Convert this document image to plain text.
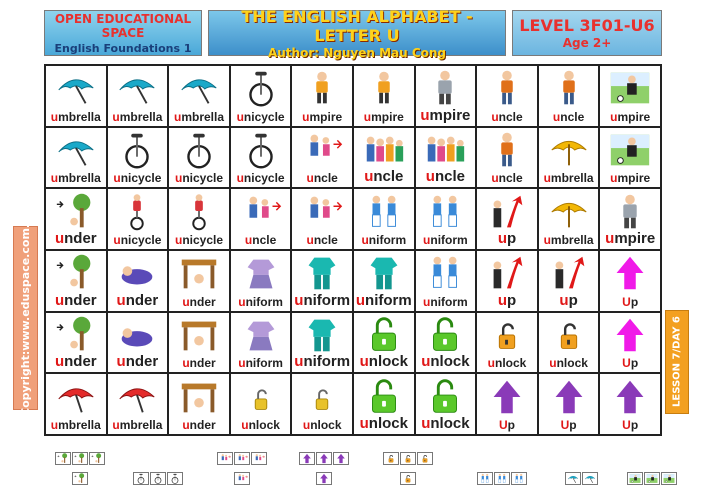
OPEN EDUCATIONAL SPACE
English Foundations 1
THE ENGLISH ALPHABET - LETTER U
Author: Nguyen Mau Cong
LEVEL 3F01-U6
Age 2+
@Copyright:www.eduspace.com.vn	LESSON 7/DAY 6
umbrella umbrella umbrella unicycle umpire umpire umpire uncle	uncle umpire
umbrella unicycle unicycle unicycle uncle uncle uncle uncle umbrella umpire
under unicycle unicycle uncle	uncle uniform uniform up umbrella umpire
under under under uniform uniform uniform uniform up	up	Up
under under under uniform uniform unlock unlock unlock unlock	Up
umbrella umbrella under unlock unlock unlock unlock Up	Up	Up
